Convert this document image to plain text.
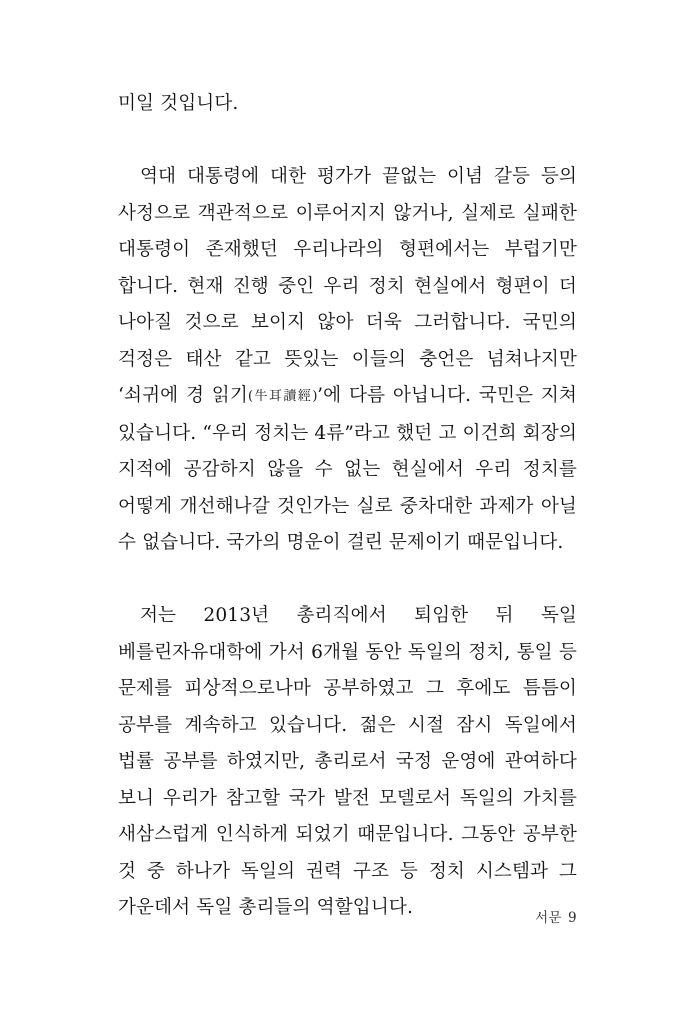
미일 것입니다.

역대 대통령에 대한 평가가 끝없는 이념 갈등 등의 사정으로 객관적으로 이루어지지 않거나, 실제로 실패한 대통령이 존재했던 우리나라의 형편에서는 부럽기만 합니다. 현재 진행 중인 우리 정치 현실에서 형편이 더 나아질 것으로 보이지 않아 더욱 그러합니다. 국민의 걱정은 태산 같고 뜻있는 이들의 충언은 넘쳐나지만 ‘쇠귀에 경 읽기(牛耳讀經)’에 다름 아닙니다. 국민은 지쳐 있습니다. “우리 정치는 4류”라고 했던 고 이건희 회장의 지적에 공감하지 않을 수 없는 현실에서 우리 정치를 어떻게 개선해나갈 것인가는 실로 중차대한 과제가 아닐 수 없습니다. 국가의 명운이 걸린 문제이기 때문입니다.

저는 2013년 총리직에서 퇴임한 뒤 독일 베를린자유대학에 가서 6개월 동안 독일의 정치, 통일 등 문제를 피상적으로나마 공부하였고 그 후에도 틈틈이 공부를 계속하고 있습니다. 젊은 시절 잠시 독일에서 법률 공부를 하였지만, 총리로서 국정 운영에 관여하다 보니 우리가 참고할 국가 발전 모델로서 독일의 가치를 새삼스럽게 인식하게 되었기 때문입니다. 그동안 공부한 것 중 하나가 독일의 권력 구조 등 정치 시스템과 그 가운데서 독일 총리들의 역할입니다.	서문 9
